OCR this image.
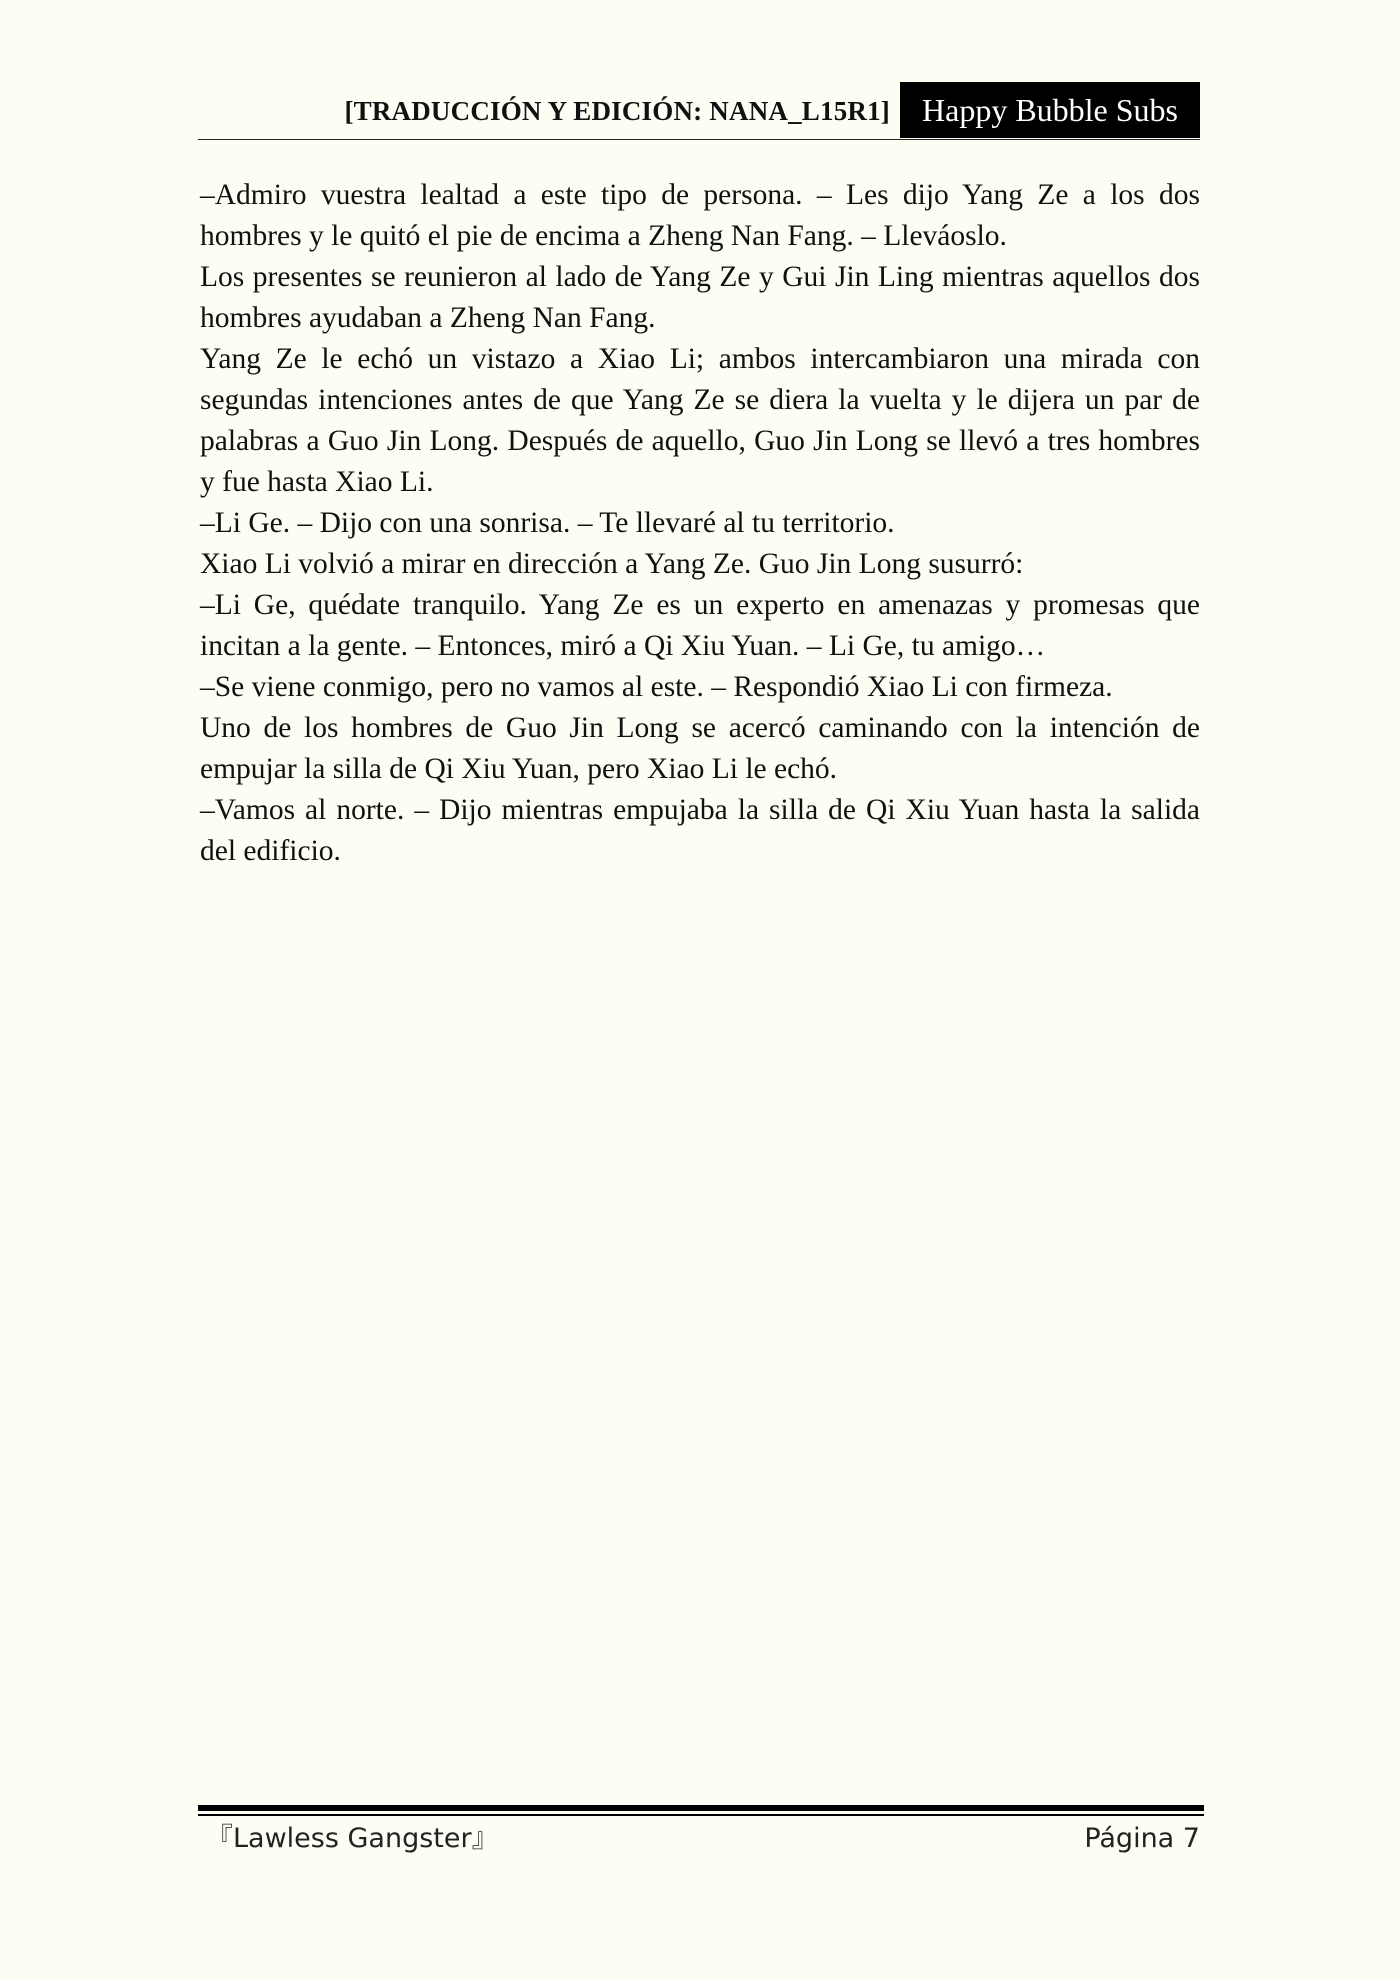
[TRADUCCIÓN Y EDICIÓN: NANA_L15R1]	Happy Bubble Subs

–Admiro vuestra lealtad a este tipo de persona. – Les dijo Yang Ze a los dos hombres y le quitó el pie de encima a Zheng Nan Fang. – Lleváoslo.

Los presentes se reunieron al lado de Yang Ze y Gui Jin Ling mientras aquellos dos hombres ayudaban a Zheng Nan Fang.

Yang Ze le echó un vistazo a Xiao Li; ambos intercambiaron una mirada con segundas intenciones antes de que Yang Ze se diera la vuelta y le dijera un par de palabras a Guo Jin Long. Después de aquello, Guo Jin Long se llevó a tres hombres y fue hasta Xiao Li.

–Li Ge. – Dijo con una sonrisa. – Te llevaré al tu territorio.

Xiao Li volvió a mirar en dirección a Yang Ze. Guo Jin Long susurró:

–Li Ge, quédate tranquilo. Yang Ze es un experto en amenazas y promesas que incitan a la gente. – Entonces, miró a Qi Xiu Yuan. – Li Ge, tu amigo…

–Se viene conmigo, pero no vamos al este. – Respondió Xiao Li con firmeza.

Uno de los hombres de Guo Jin Long se acercó caminando con la intención de empujar la silla de Qi Xiu Yuan, pero Xiao Li le echó.

–Vamos al norte. – Dijo mientras empujaba la silla de Qi Xiu Yuan hasta la salida del edificio.

『Lawless Gangster』	Página 7
